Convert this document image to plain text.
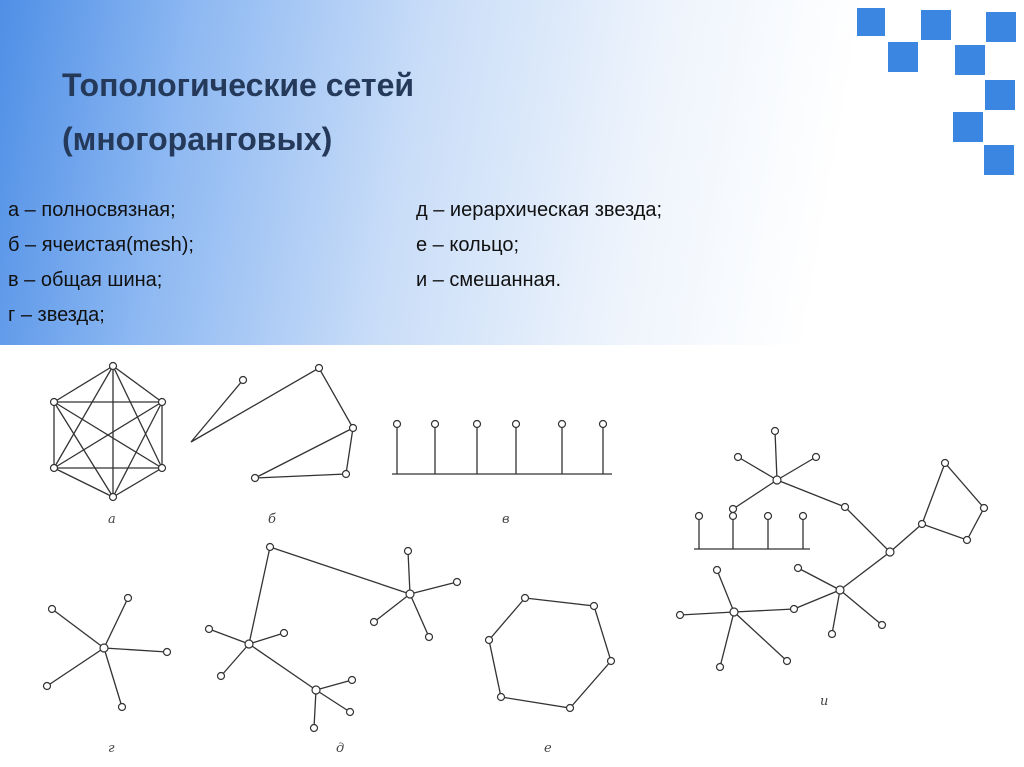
Топологические сетей (многоранговых)
а – полносвязная;
б – ячеистая(mesh);
в – общая шина;
г – звезда;
д – иерархическая звезда;
е – кольцо;
и – смешанная.
а	б	в
г	д	е
и
